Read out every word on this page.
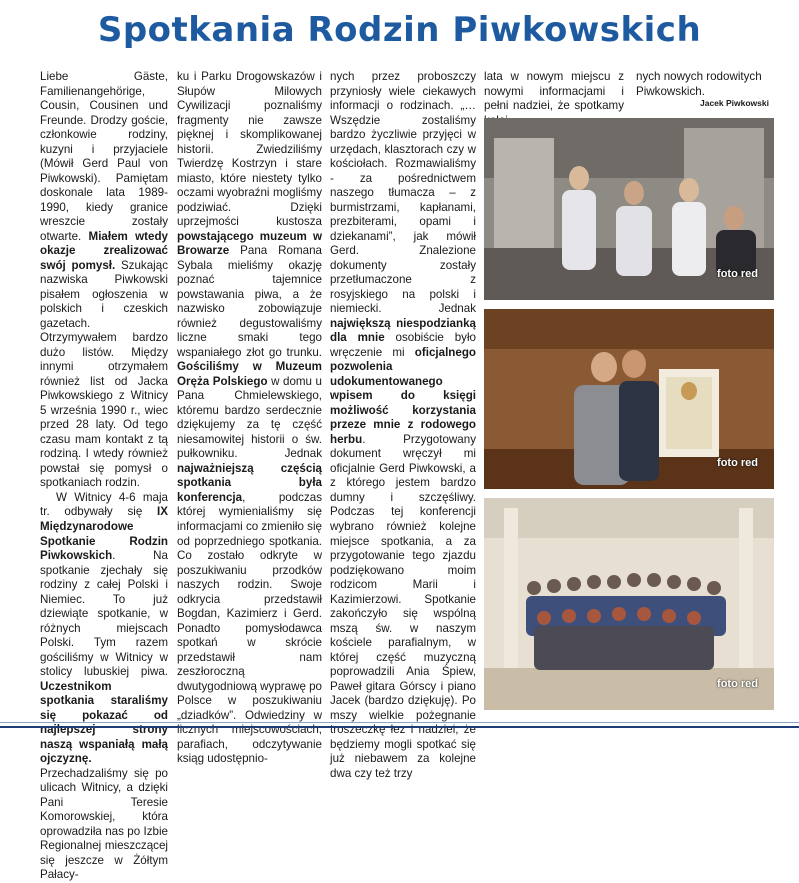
Spotkania Rodzin Piwkowskich

Liebe Gäste, Familienangehörige, Cousin, Cousinen und Freunde. Drodzy goście, członkowie rodziny, kuzyni i przyjaciele (Mówił Gerd Paul von Piwkowski). Pamiętam doskonale lata 1989-1990, kiedy granice wreszcie zostały otwarte. Miałem wtedy okazje zrealizować swój pomysł. Szukając nazwiska Piwkowski pisałem ogłoszenia w polskich i czeskich gazetach. Otrzymywałem bardzo dużo listów. Między innymi otrzymałem również list od Jacka Piwkowskiego z Witnicy 5 września 1990 r., wiec przed 28 laty. Od tego czasu mam kontakt z tą rodziną. I wtedy również powstał się pomysł o spotkaniach rodzin.

W Witnicy 4-6 maja tr. odbywały się IX Międzynarodowe Spotkanie Rodzin Piwkowskich. Na spotkanie zjechały się rodziny z całej Polski i Niemiec. To już dziewiąte spotkanie, w różnych miejscach Polski. Tym razem gościliśmy w Witnicy w stolicy lubuskiej piwa. Uczestnikom spotkania staraliśmy się pokazać od najlepszej strony naszą wspaniałą małą ojczyznę. Przechadzaliśmy się po ulicach Witnicy, a dzięki Pani Teresie Komorowskiej, która oprowadziła nas po Izbie Regionalnej mieszczącej się jeszcze w Żółtym Pałacy-

ku i Parku Drogowskazów i Słupów Milowych Cywilizacji poznaliśmy fragmenty nie zawsze pięknej i skomplikowanej historii. Zwiedziliśmy Twierdzę Kostrzyn i stare miasto, które niestety tylko oczami wyobraźni mogliśmy podziwiać. Dzięki uprzejmości kustosza powstającego muzeum w Browarze Pana Romana Sybala mieliśmy okazję poznać tajemnice powstawania piwa, a że nazwisko zobowiązuje również degustowaliśmy liczne smaki tego wspaniałego złot go trunku. Gościliśmy w Muzeum Oręża Polskiego w domu u Pana Chmielewskiego, któremu bardzo serdecznie dziękujemy za tę część niesamowitej historii o św. pułkowniku. Jednak najważniejszą częścią spotkania była konferencja, podczas której wymienialiśmy się informacjami co zmieniło się od poprzedniego spotkania. Co zostało odkryte w poszukiwaniu przodków naszych rodzin. Swoje odkrycia przedstawił Bogdan, Kazimierz i Gerd. Ponadto pomysłodawca spotkań w skrócie przedstawił nam zeszłoroczną dwutygodniową wyprawę po Polsce w poszukiwaniu „dziadków”. Odwiedziny w licznych miejscowościach, parafiach, odczytywanie ksiąg udostępnio-

nych przez proboszczy przyniosły wiele ciekawych informacji o rodzinach. „… Wszędzie zostaliśmy bardzo życzliwie przyjęci w urzędach, klasztorach czy w kościołach. Rozmawialiśmy - za pośrednictwem naszego tłumacza – z burmistrzami, kapłanami, prezbiterami, opami i dziekanami”, jak mówił Gerd. Znalezione dokumenty zostały przetłumaczone z rosyjskiego na polski i niemiecki. Jednak największą niespodzianką dla mnie osobiście było wręczenie mi oficjalnego pozwolenia udokumentowanego wpisem do księgi możliwość korzystania przeze mnie z rodowego herbu. Przygotowany dokument wręczył mi oficjalnie Gerd Piwkowski, a z którego jestem bardzo dumny i szczęśliwy. Podczas tej konferencji wybrano również kolejne miejsce spotkania, a za przygotowanie tego zjazdu podziękowano moim rodzicom Marii i Kazimierzowi. Spotkanie zakończyło się wspólną mszą św. w naszym kościele parafialnym, w której część muzyczną poprowadzili Ania Śpiew, Paweł gitara Górscy i piano Jacek (bardzo dziękuję). Po mszy wielkie pożegnanie troszeczkę łez i nadziei, że będziemy mogli spotkać się już niebawem za kolejne dwa czy też trzy

lata w nowym miejscu z nowymi informacjami i pełni nadziei, że spotkamy

nych nowych rodowitych Piwkowskich.

Jacek Piwkowski
foto red
foto red
foto red
